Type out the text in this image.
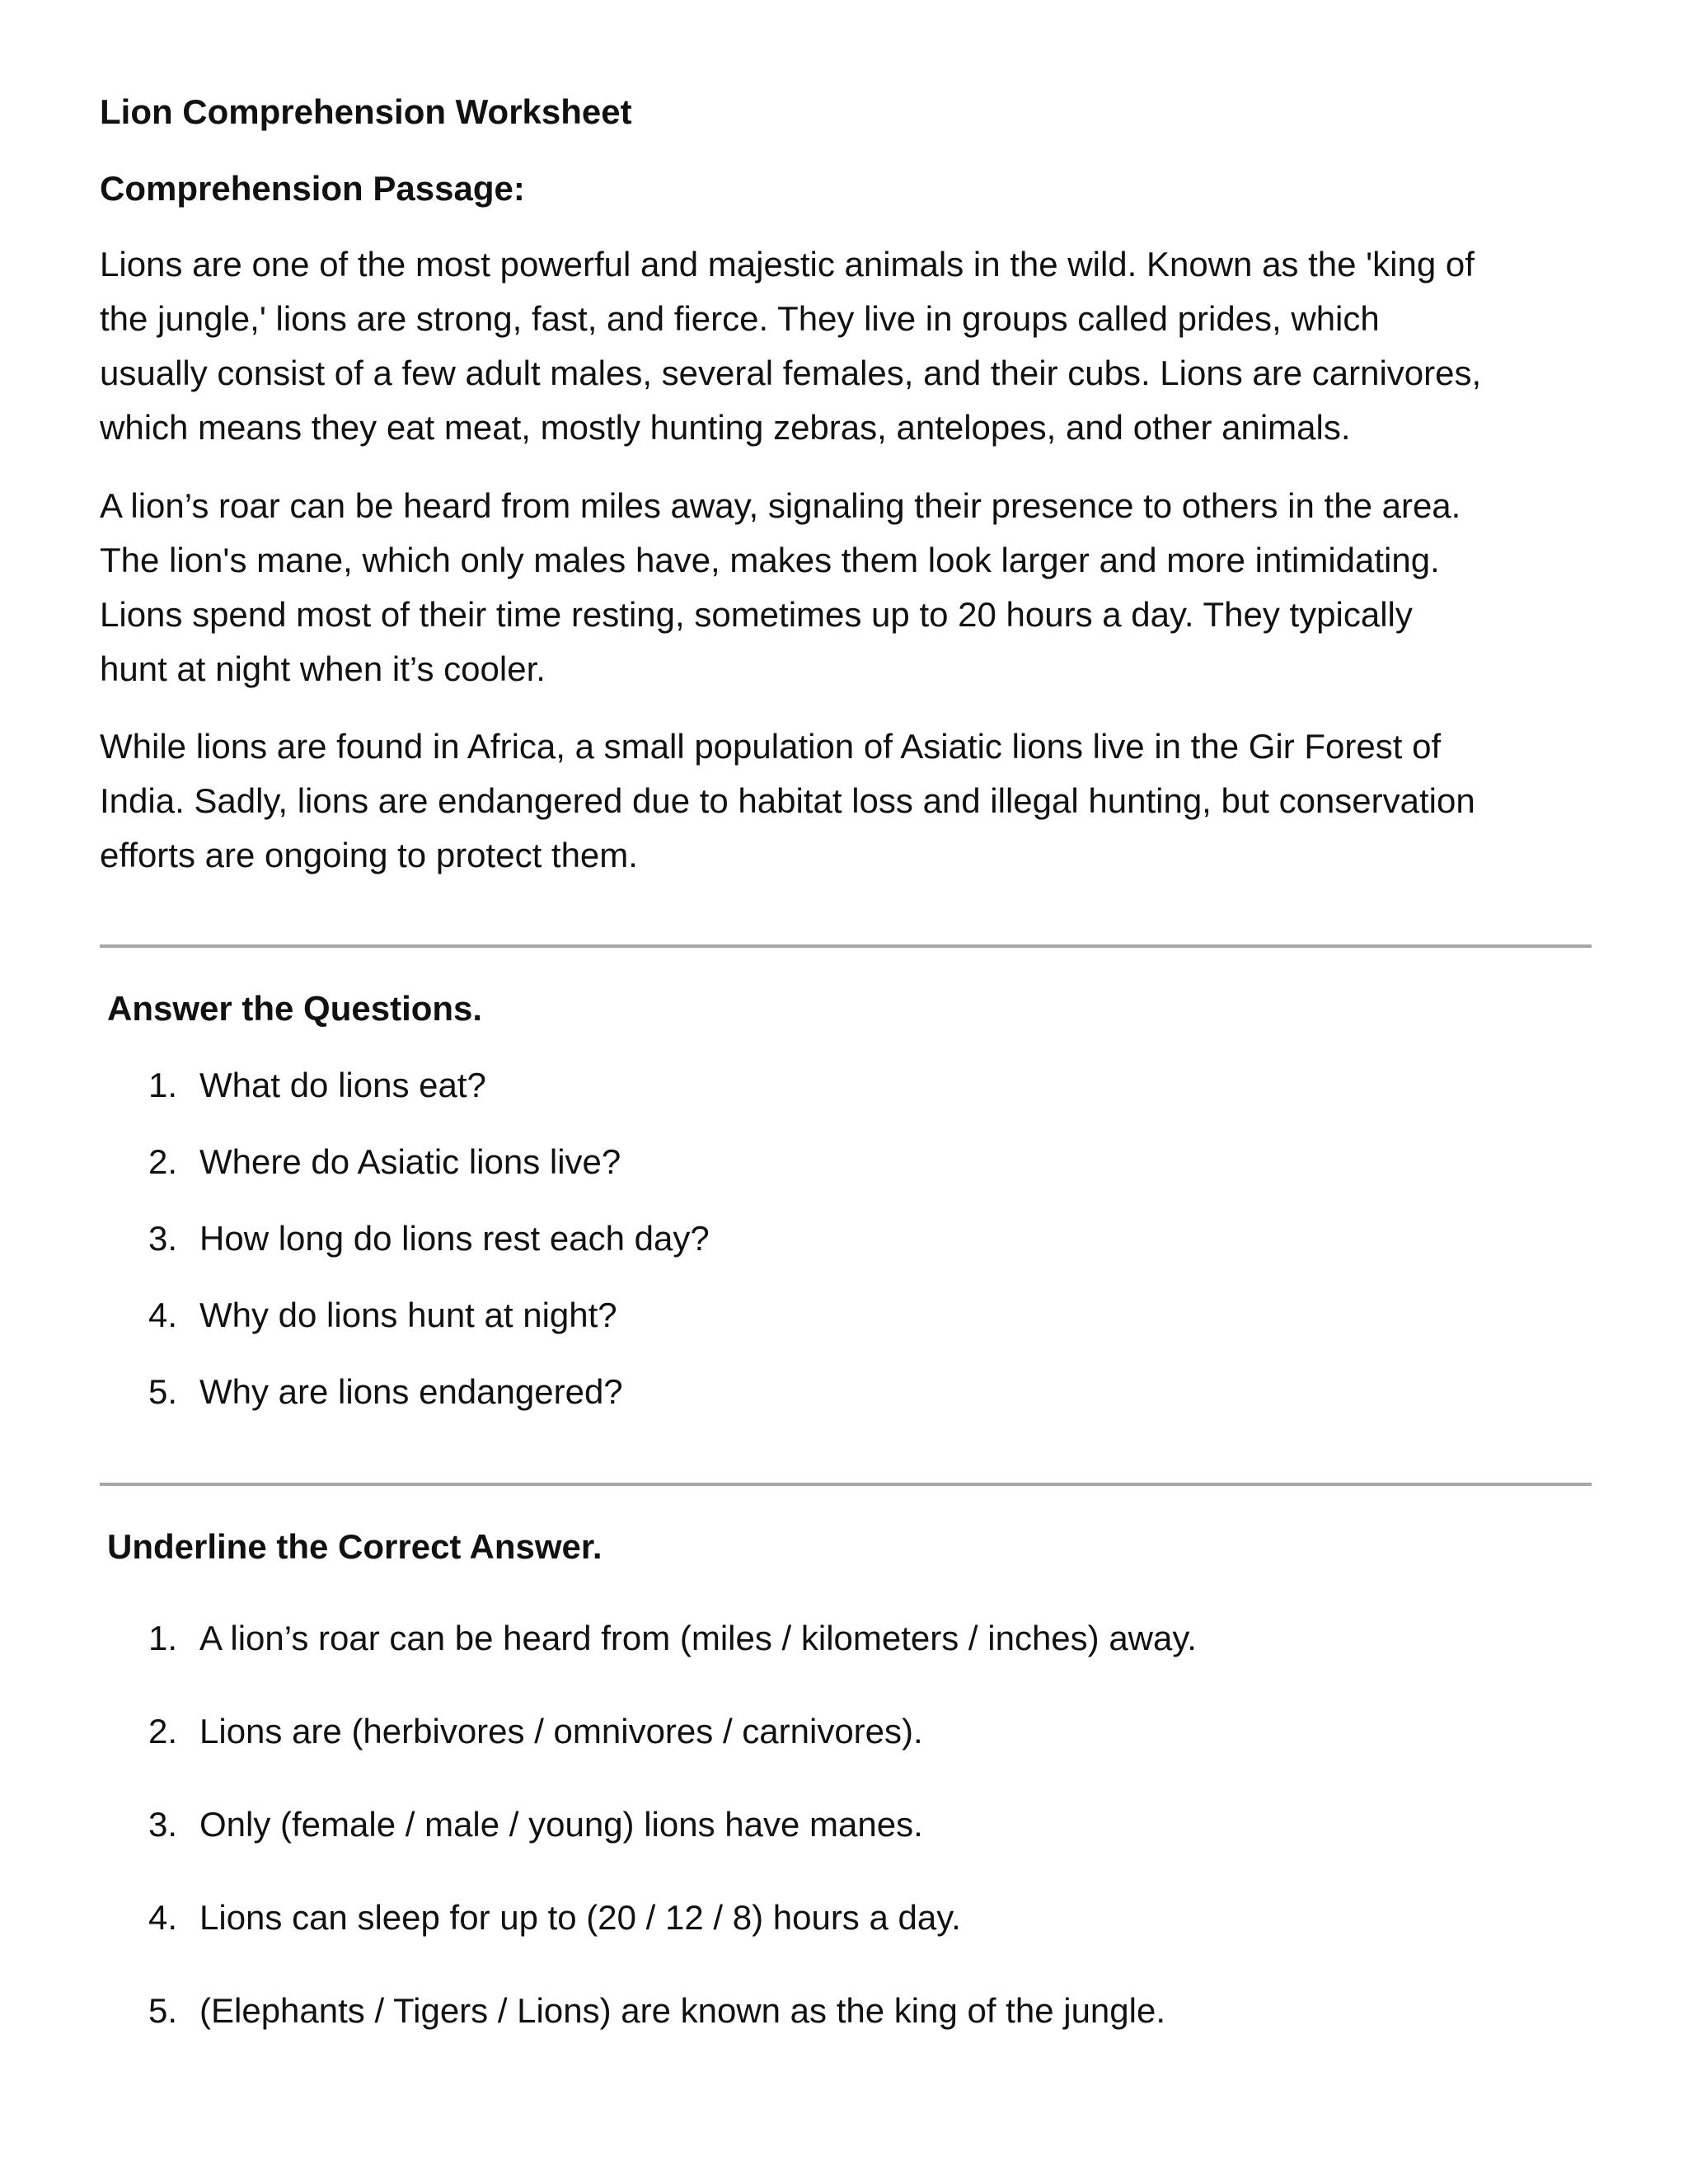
Lion Comprehension Worksheet
Comprehension Passage:

Lions are one of the most powerful and majestic animals in the wild. Known as the 'king of
the jungle,' lions are strong, fast, and fierce. They live in groups called prides, which
usually consist of a few adult males, several females, and their cubs. Lions are carnivores,
which means they eat meat, mostly hunting zebras, antelopes, and other animals.

A lion’s roar can be heard from miles away, signaling their presence to others in the area.
The lion's mane, which only males have, makes them look larger and more intimidating.
Lions spend most of their time resting, sometimes up to 20 hours a day. They typically
hunt at night when it’s cooler.

While lions are found in Africa, a small population of Asiatic lions live in the Gir Forest of
India. Sadly, lions are endangered due to habitat loss and illegal hunting, but conservation
efforts are ongoing to protect them.

Answer the Questions.
1. What do lions eat?
2. Where do Asiatic lions live?
3. How long do lions rest each day?
4. Why do lions hunt at night?
5. Why are lions endangered?
Underline the Correct Answer.
1. A lion’s roar can be heard from (miles / kilometers / inches) away.
2. Lions are (herbivores / omnivores / carnivores).
3. Only (female / male / young) lions have manes.
4. Lions can sleep for up to (20 / 12 / 8) hours a day.
5. (Elephants / Tigers / Lions) are known as the king of the jungle.
